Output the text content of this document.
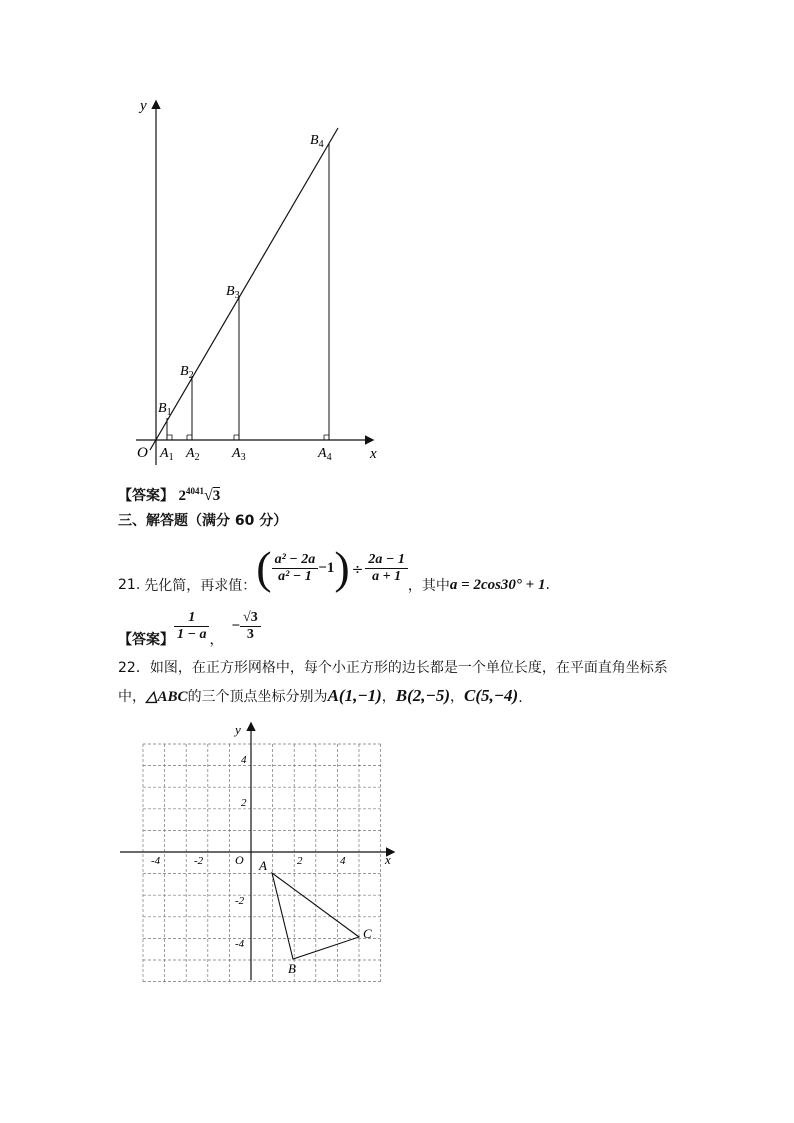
y
x
O
$B_1$
$B_2$
$B_3$
$B_4$
$A_1$ $A_2$ $A_3$	$A_4$
【答案】 $2^{4041}√3$
三、解答题（满分 60 分）
21. 先化简，再求值： ( $\frac{\text{a² − 2a}}{\text{a² − 1}} -1$ ) ÷ $\frac{2a - 1}{a + 1}$
，其中 a = 2cos30° + 1 .
【答案】 $\frac{1}{1 - a}$ ，
− $\frac{√3}{3}$
22．如图，在正方形网格中，每个小正方形的边长都是一个单位长度，在平面直角坐标系
中， △ABC 的三个顶点坐标分别为 A(1,−1) ， B(2,−5) ， C(5,−4) .
x
y
O
-4	-2	2	4
4
2
-2
-4
A
B
C
